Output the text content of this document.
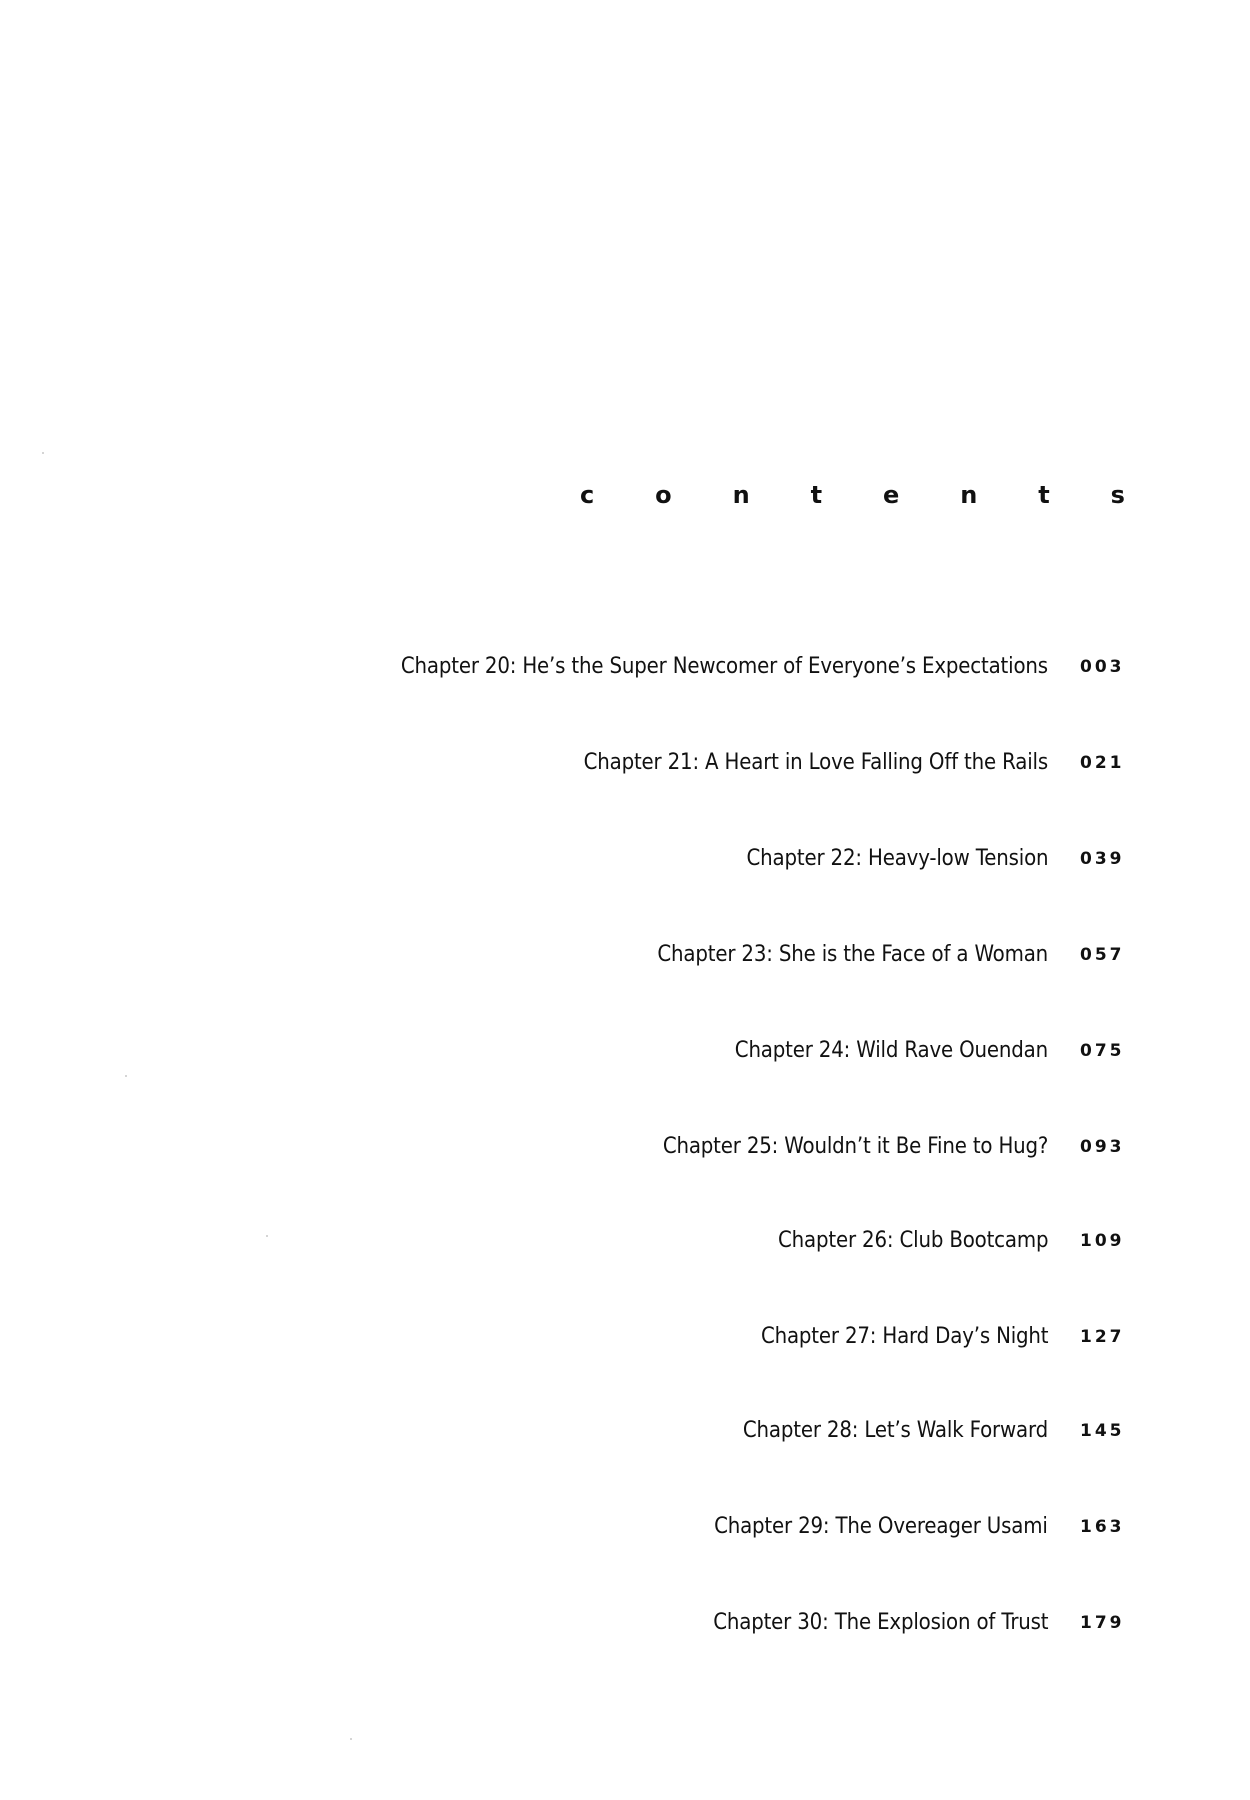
c	o	n	t	e	n	t	s
Chapter 20: He’s the Super Newcomer of Everyone’s Expectations 003
Chapter 21: A Heart in Love Falling Off the Rails 021
Chapter 22: Heavy-low Tension 039
Chapter 23: She is the Face of a Woman 057
Chapter 24: Wild Rave Ouendan 075
Chapter 25: Wouldn’t it Be Fine to Hug? 093
Chapter 26: Club Bootcamp 109
Chapter 27: Hard Day’s Night 127
Chapter 28: Let’s Walk Forward 145
Chapter 29: The Overeager Usami 163
Chapter 30: The Explosion of Trust 179
